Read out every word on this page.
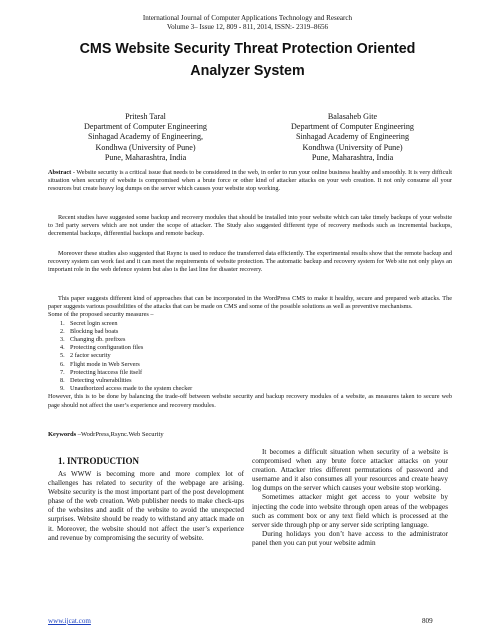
International Journal of Computer Applications Technology and Research
Volume 3– Issue 12, 809 - 811, 2014, ISSN:- 2319–8656
CMS Website Security Threat Protection Oriented
Analyzer System
Pritesh Taral
Department of Computer Engineering
Sinhagad Academy of Engineering,
Kondhwa (University of Pune)
Pune, Maharashtra, India
Balasaheb Gite
Department of Computer Engineering
Sinhagad Academy of Engineering
Kondhwa (University of Pune)
Pune, Maharashtra, India

Abstract - Website security is a critical issue that needs to be considered in the web, in order to run your online business healthy and smoothly. It is very difficult situation when security of website is compromised when a brute force or other kind of attacker attacks on your web creation. It not only consume all your resources but create heavy log dumps on the server which causes your website stop working.

Recent studies have suggested some backup and recovery modules that should be installed into your website which can take timely backups of your website to 3rd party servers which are not under the scope of attacker. The Study also suggested different type of recovery methods such as incremental backups, decremental backups, differential backups and remote backup.

Moreover these studies also suggested that Rsync is used to reduce the transferred data efficiently. The experimental results show that the remote backup and recovery system can work fast and it can meet the requirements of website protection. The automatic backup and recovery system for Web site not only plays an important role in the web defence system but also is the last line for disaster recovery.

This paper suggests different kind of approaches that can be incorporated in the WordPress CMS to make it healthy, secure and prepared web attacks. The paper suggests various possibilities of the attacks that can be made on CMS and some of the possible solutions as well as preventive mechanisms.

Some of the proposed security measures –

1. Secret login screen
2. Blocking bad boats
3. Changing db. prefixes
4. Protecting configuration files
5. 2 factor security
6. Flight mode in Web Servers
7. Protecting htaccess file itself
8. Detecting vulnerabilities
9. Unauthorized access made to the system checker

However, this is to be done by balancing the trade-off between website security and backup recovery modules of a website, as measures taken to secure web page should not affect the user’s experience and recovery modules.

Keywords –WodrPress,Rsync.Web Security

1. INTRODUCTION

As WWW is becoming more and more complex lot of challenges has related to security of the webpage are arising. Website security is the most important part of the post development phase of the web creation. Web publisher needs to make check-ups of the websites and audit of the website to avoid the unexpected surprises. Website should be ready to withstand any attack made on it. Moreover, the website should not affect the user’s experience and revenue by compromising the security of website.

It becomes a difficult situation when security of a website is compromised when any brute force attacker attacks on your creation. Attacker tries different permutations of password and username and it also consumes all your resources and create heavy log dumps on the server which causes your website stop working.

Sometimes attacker might get access to your website by injecting the code into website through open areas of the webpages such as comment box or any text field which is processed at the server side through php or any server side scripting language.

During holidays you don’t have access to the administrator panel then you can put your website admin

www.ijcat.com	809
